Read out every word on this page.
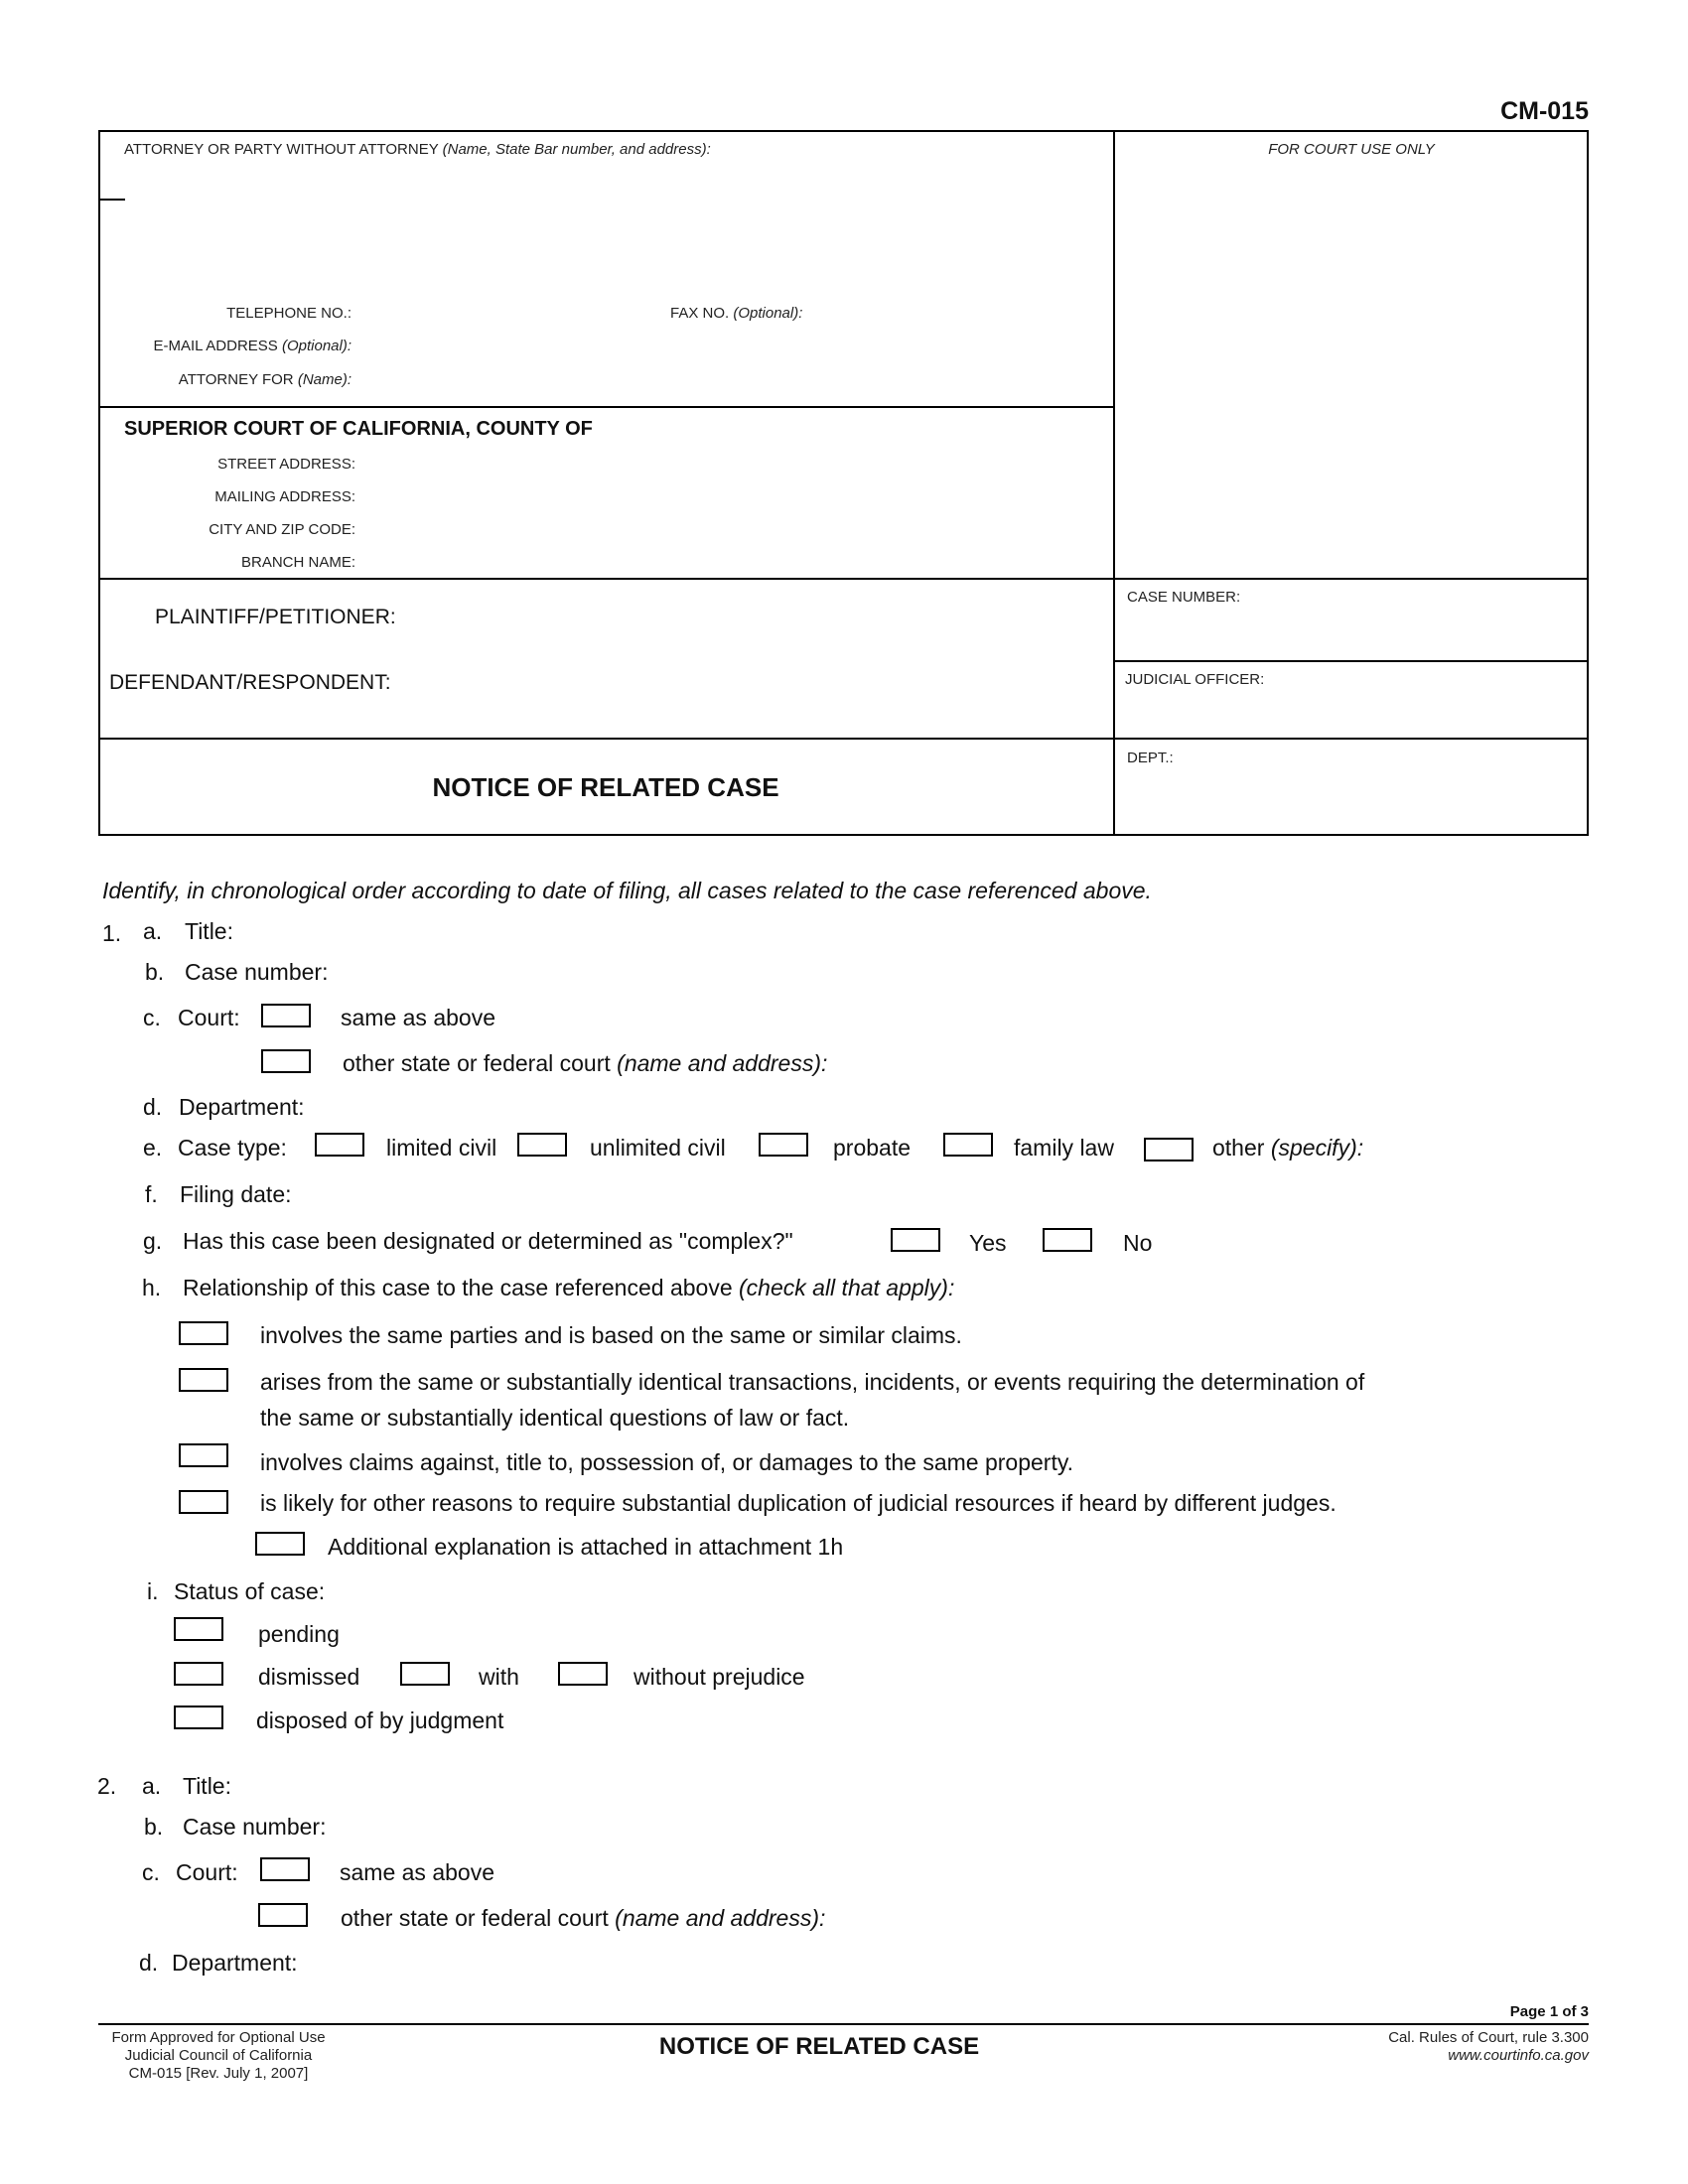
CM-015
ATTORNEY OR PARTY WITHOUT ATTORNEY (Name, State Bar number, and address):	FOR COURT USE ONLY
TELEPHONE NO.:	FAX NO. (Optional):
E-MAIL ADDRESS (Optional):
ATTORNEY FOR (Name):
SUPERIOR COURT OF CALIFORNIA, COUNTY OF
STREET ADDRESS:
MAILING ADDRESS:
CITY AND ZIP CODE:
BRANCH NAME:
PLAINTIFF/PETITIONER:
DEFENDANT/RESPONDENT:
CASE NUMBER:
JUDICIAL OFFICER:
DEPT.:
NOTICE OF RELATED CASE
Identify, in chronological order according to date of filing, all cases related to the case referenced above.
1. a. Title:
b. Case number:
c. Court:	same as above
other state or federal court (name and address):
d. Department:
e. Case type:	limited civil	unlimited civil	probate	family law	other (specify):
f. Filing date:
g. Has this case been designated or determined as "complex?"	Yes	No
h. Relationship of this case to the case referenced above (check all that apply):
involves the same parties and is based on the same or similar claims.
arises from the same or substantially identical transactions, incidents, or events requiring the determination of
the same or substantially identical questions of law or fact.
involves claims against, title to, possession of, or damages to the same property.
is likely for other reasons to require substantial duplication of judicial resources if heard by different judges.
Additional explanation is attached in attachment 1h
i. Status of case:
pending
dismissed	with	without prejudice
disposed of by judgment
2. a. Title:
b. Case number:
c. Court:	same as above
other state or federal court (name and address):
d. Department:
Page 1 of 3
Form Approved for Optional Use
Judicial Council of California
CM-015 [Rev. July 1, 2007]
NOTICE OF RELATED CASE	Cal. Rules of Court, rule 3.300
www.courtinfo.ca.gov
